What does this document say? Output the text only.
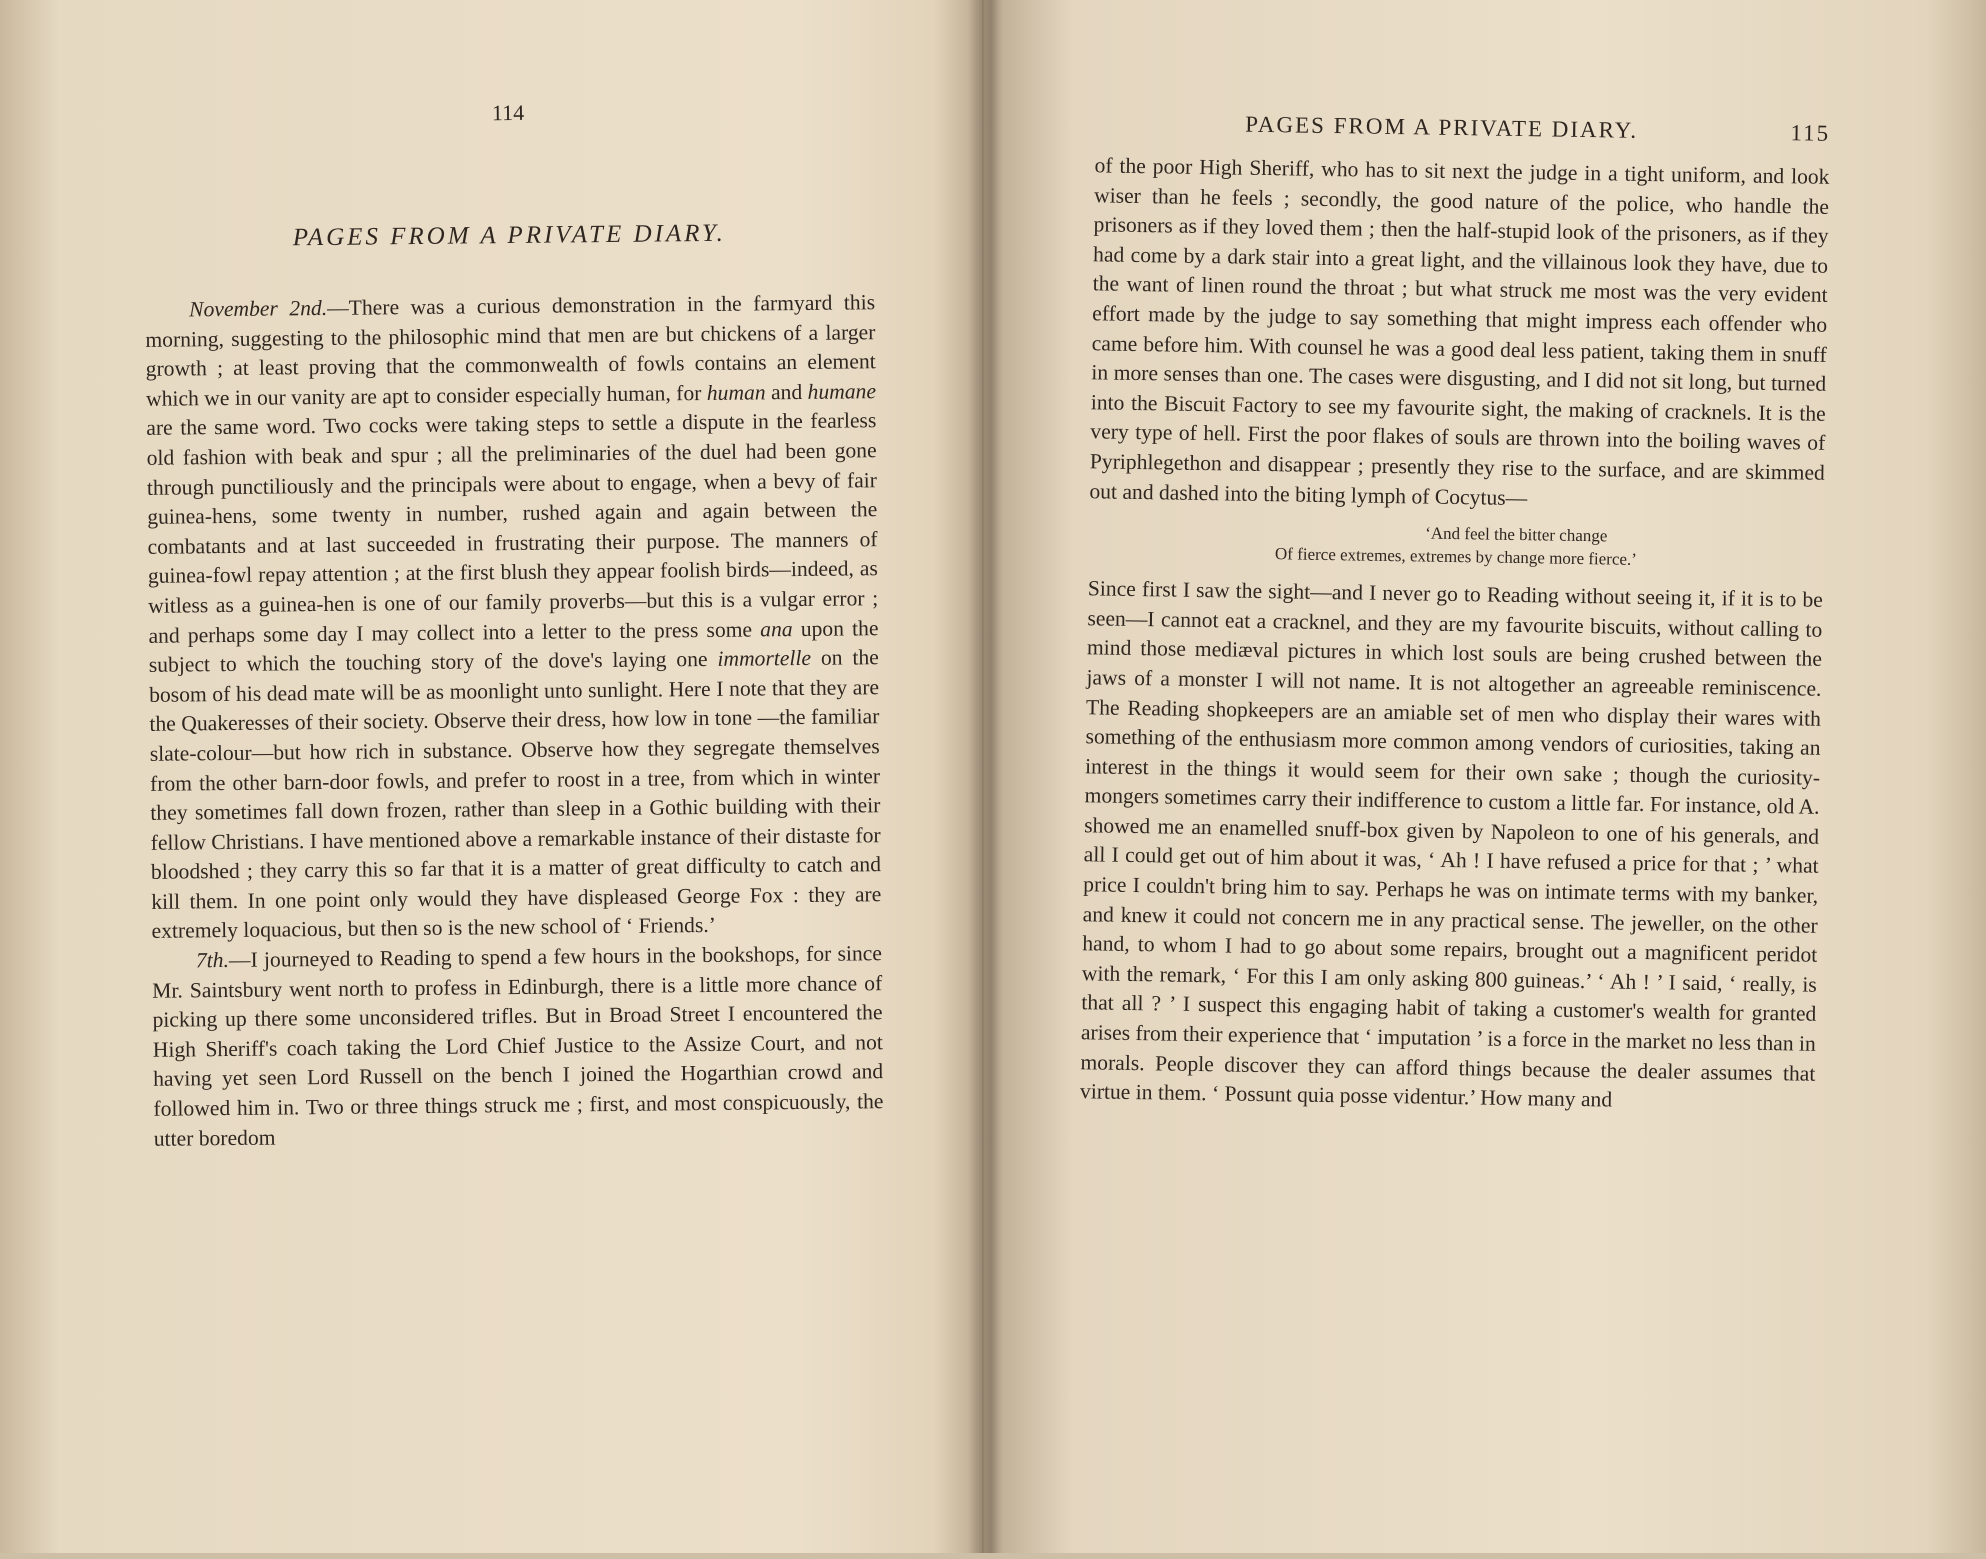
114
PAGES FROM A PRIVATE DIARY.

November 2nd.—There was a curious demonstration in the farmyard this morning, suggesting to the philosophic mind that men are but chickens of a larger growth ; at least proving that the commonwealth of fowls contains an element which we in our vanity are apt to consider especially human, for human and humane are the same word. Two cocks were taking steps to settle a dispute in the fearless old fashion with beak and spur ; all the preliminaries of the duel had been gone through punctiliously and the principals were about to engage, when a bevy of fair guinea-hens, some twenty in number, rushed again and again between the combatants and at last succeeded in frustrating their purpose. The manners of guinea-fowl repay attention ; at the first blush they appear foolish birds—indeed, as witless as a guinea-hen is one of our family proverbs—but this is a vulgar error ; and perhaps some day I may collect into a letter to the press some ana upon the subject to which the touching story of the dove's laying one immortelle on the bosom of his dead mate will be as moonlight unto sunlight. Here I note that they are the Quakeresses of their society. Observe their dress, how low in tone —the familiar slate-colour—but how rich in substance. Observe how they segregate themselves from the other barn-door fowls, and prefer to roost in a tree, from which in winter they sometimes fall down frozen, rather than sleep in a Gothic building with their fellow Christians. I have mentioned above a remarkable instance of their distaste for bloodshed ; they carry this so far that it is a matter of great difficulty to catch and kill them. In one point only would they have displeased George Fox : they are extremely loquacious, but then so is the new school of ‘ Friends.’

7th.—I journeyed to Reading to spend a few hours in the bookshops, for since Mr. Saintsbury went north to profess in Edinburgh, there is a little more chance of picking up there some unconsidered trifles. But in Broad Street I encountered the High Sheriff's coach taking the Lord Chief Justice to the Assize Court, and not having yet seen Lord Russell on the bench I joined the Hogarthian crowd and followed him in. Two or three things struck me ; first, and most conspicuously, the utter boredom

PAGES FROM A PRIVATE DIARY.	115

of the poor High Sheriff, who has to sit next the judge in a tight uniform, and look wiser than he feels ; secondly, the good nature of the police, who handle the prisoners as if they loved them ; then the half-stupid look of the prisoners, as if they had come by a dark stair into a great light, and the villainous look they have, due to the want of linen round the throat ; but what struck me most was the very evident effort made by the judge to say something that might impress each offender who came before him. With counsel he was a good deal less patient, taking them in snuff in more senses than one. The cases were disgusting, and I did not sit long, but turned into the Biscuit Factory to see my favourite sight, the making of cracknels. It is the very type of hell. First the poor flakes of souls are thrown into the boiling waves of Pyriphlegethon and disappear ; presently they rise to the surface, and are skimmed out and dashed into the biting lymph of Cocytus—

‘And feel the bitter change
Of fierce extremes, extremes by change more fierce.’

Since first I saw the sight—and I never go to Reading without seeing it, if it is to be seen—I cannot eat a cracknel, and they are my favourite biscuits, without calling to mind those mediæval pictures in which lost souls are being crushed between the jaws of a monster I will not name. It is not altogether an agreeable reminiscence. The Reading shopkeepers are an amiable set of men who display their wares with something of the enthusiasm more common among vendors of curiosities, taking an interest in the things it would seem for their own sake ; though the curiosity-mongers sometimes carry their indifference to custom a little far. For instance, old A. showed me an enamelled snuff-box given by Napoleon to one of his generals, and all I could get out of him about it was, ‘ Ah ! I have refused a price for that ; ’ what price I couldn't bring him to say. Perhaps he was on intimate terms with my banker, and knew it could not concern me in any practical sense. The jeweller, on the other hand, to whom I had to go about some repairs, brought out a magnificent peridot with the remark, ‘ For this I am only asking 800 guineas.’ ‘ Ah ! ’ I said, ‘ really, is that all ? ’ I suspect this engaging habit of taking a customer's wealth for granted arises from their experience that ‘ imputation ’ is a force in the market no less than in morals. People discover they can afford things because the dealer assumes that virtue in them. ‘ Possunt quia posse videntur.’ How many and
